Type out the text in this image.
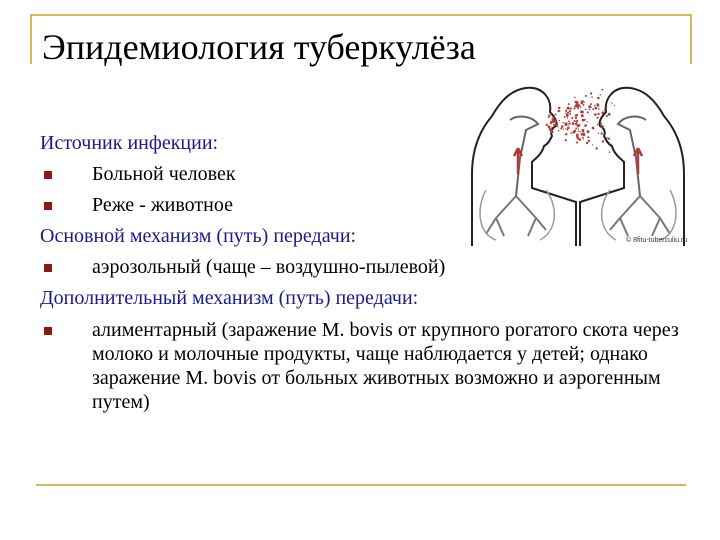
Эпидемиология туберкулёза
© 8fitu-tuberculiu.ru
Источник инфекции:
Больной человек
Реже - животное
Основной механизм (путь) передачи:
аэрозольный (чаще – воздушно-пылевой)
Дополнительный механизм (путь) передачи:
алиментарный (заражение M. bovis от крупного рогатого скота через молоко и молочные продукты, чаще наблюдается у детей; однако заражение M. bovis от больных животных возможно и аэрогенным путем)
